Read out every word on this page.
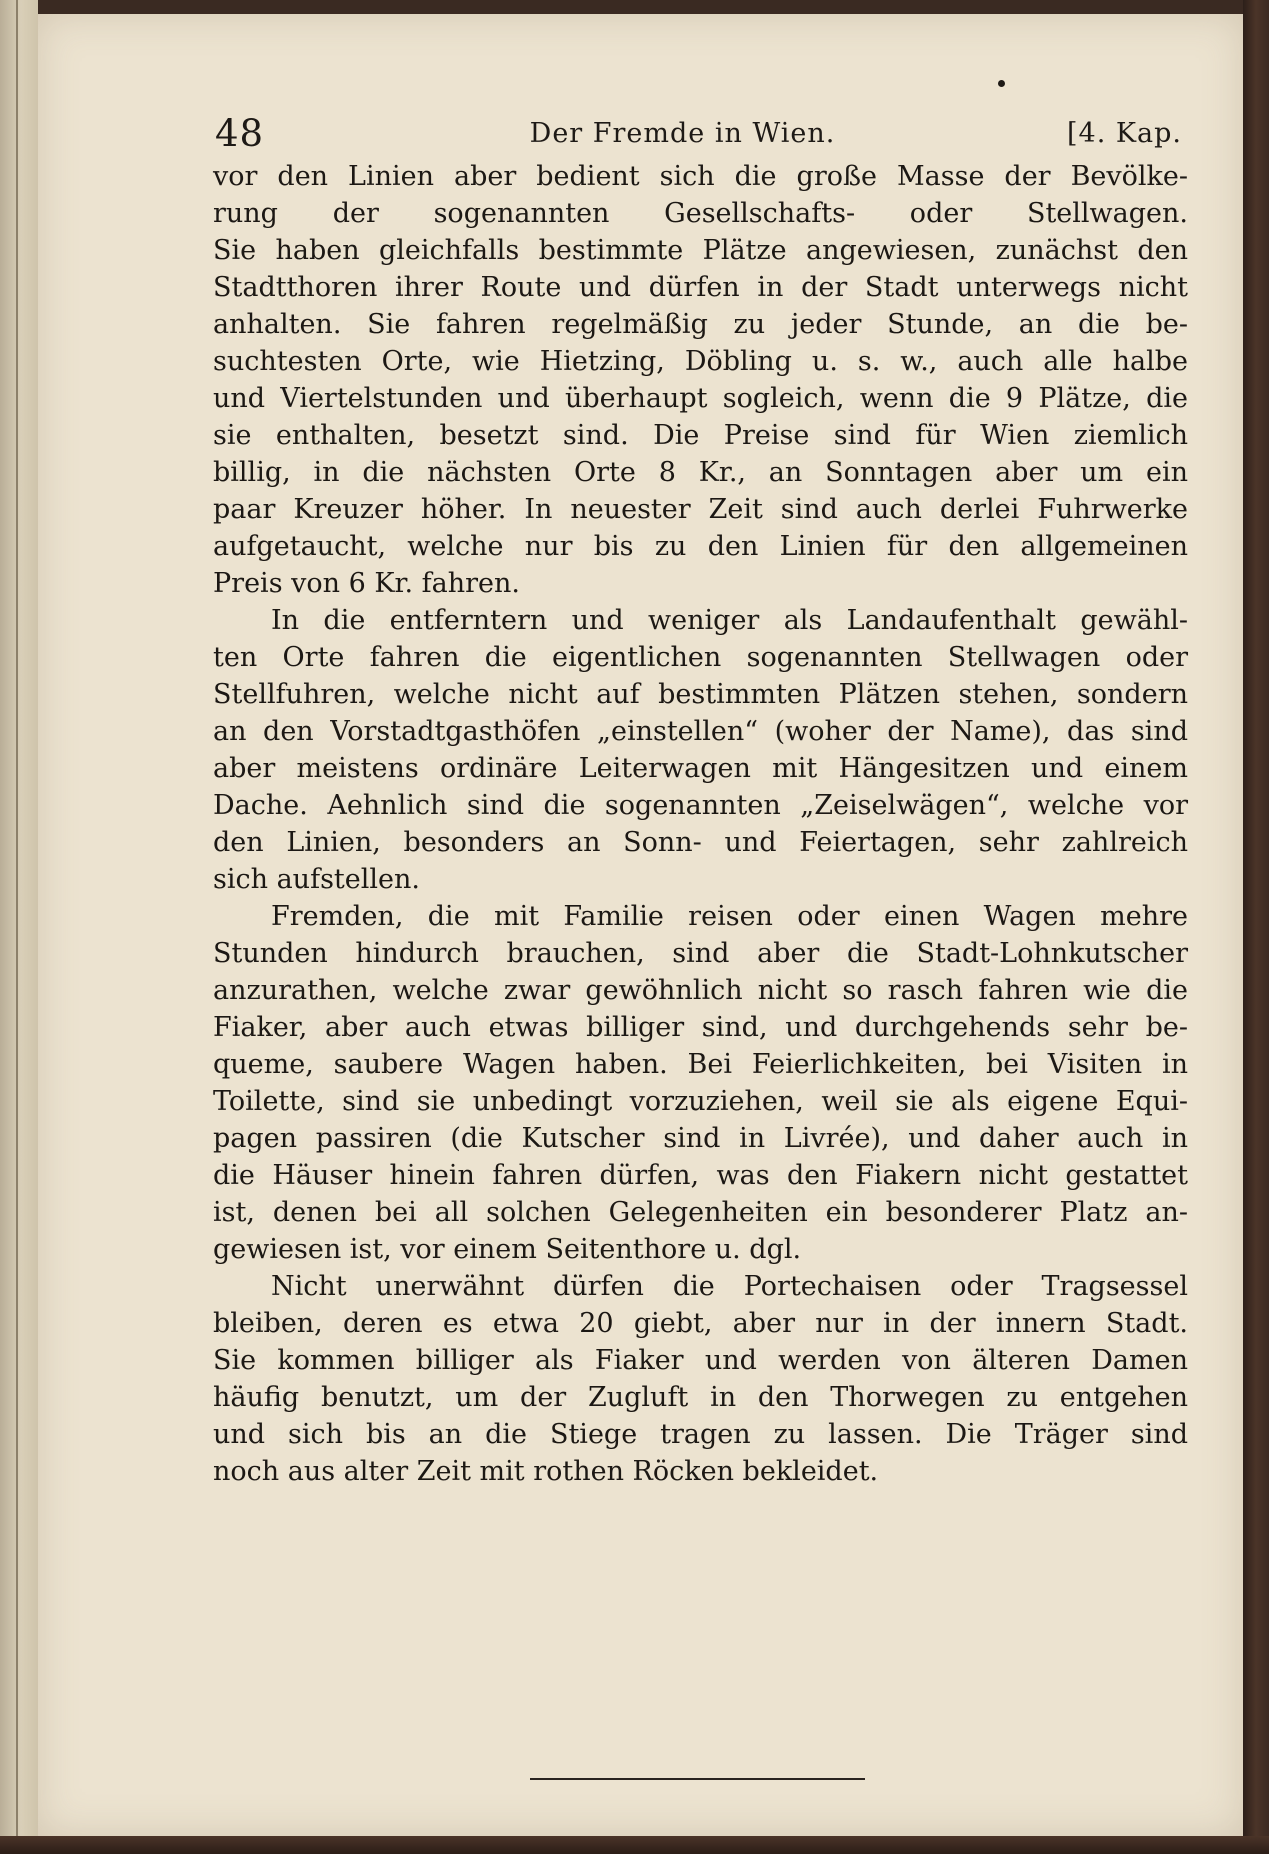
48	Der Fremde in Wien.	[4. Kap.
vor den Linien aber bedient sich die große Masse der Bevölke-
rung der sogenannten Gesellschafts- oder Stellwagen.
Sie haben gleichfalls bestimmte Plätze angewiesen, zunächst den
Stadtthoren ihrer Route und dürfen in der Stadt unterwegs nicht
anhalten. Sie fahren regelmäßig zu jeder Stunde, an die be-
suchtesten Orte, wie Hietzing, Döbling u. s. w., auch alle halbe
und Viertelstunden und überhaupt sogleich, wenn die 9 Plätze, die
sie enthalten, besetzt sind. Die Preise sind für Wien ziemlich
billig, in die nächsten Orte 8 Kr., an Sonntagen aber um ein
paar Kreuzer höher. In neuester Zeit sind auch derlei Fuhrwerke
aufgetaucht, welche nur bis zu den Linien für den allgemeinen
Preis von 6 Kr. fahren.
In die entferntern und weniger als Landaufenthalt gewähl-
ten Orte fahren die eigentlichen sogenannten Stellwagen oder
Stellfuhren, welche nicht auf bestimmten Plätzen stehen, sondern
an den Vorstadtgasthöfen „einstellen“ (woher der Name), das sind
aber meistens ordinäre Leiterwagen mit Hängesitzen und einem
Dache. Aehnlich sind die sogenannten „Zeiselwägen“, welche vor
den Linien, besonders an Sonn- und Feiertagen, sehr zahlreich
sich aufstellen.
Fremden, die mit Familie reisen oder einen Wagen mehre
Stunden hindurch brauchen, sind aber die Stadt-Lohnkutscher
anzurathen, welche zwar gewöhnlich nicht so rasch fahren wie die
Fiaker, aber auch etwas billiger sind, und durchgehends sehr be-
queme, saubere Wagen haben. Bei Feierlichkeiten, bei Visiten in
Toilette, sind sie unbedingt vorzuziehen, weil sie als eigene Equi-
pagen passiren (die Kutscher sind in Livrée), und daher auch in
die Häuser hinein fahren dürfen, was den Fiakern nicht gestattet
ist, denen bei all solchen Gelegenheiten ein besonderer Platz an-
gewiesen ist, vor einem Seitenthore u. dgl.
Nicht unerwähnt dürfen die Portechaisen oder Tragsessel
bleiben, deren es etwa 20 giebt, aber nur in der innern Stadt.
Sie kommen billiger als Fiaker und werden von älteren Damen
häufig benutzt, um der Zugluft in den Thorwegen zu entgehen
und sich bis an die Stiege tragen zu lassen. Die Träger sind
noch aus alter Zeit mit rothen Röcken bekleidet.
